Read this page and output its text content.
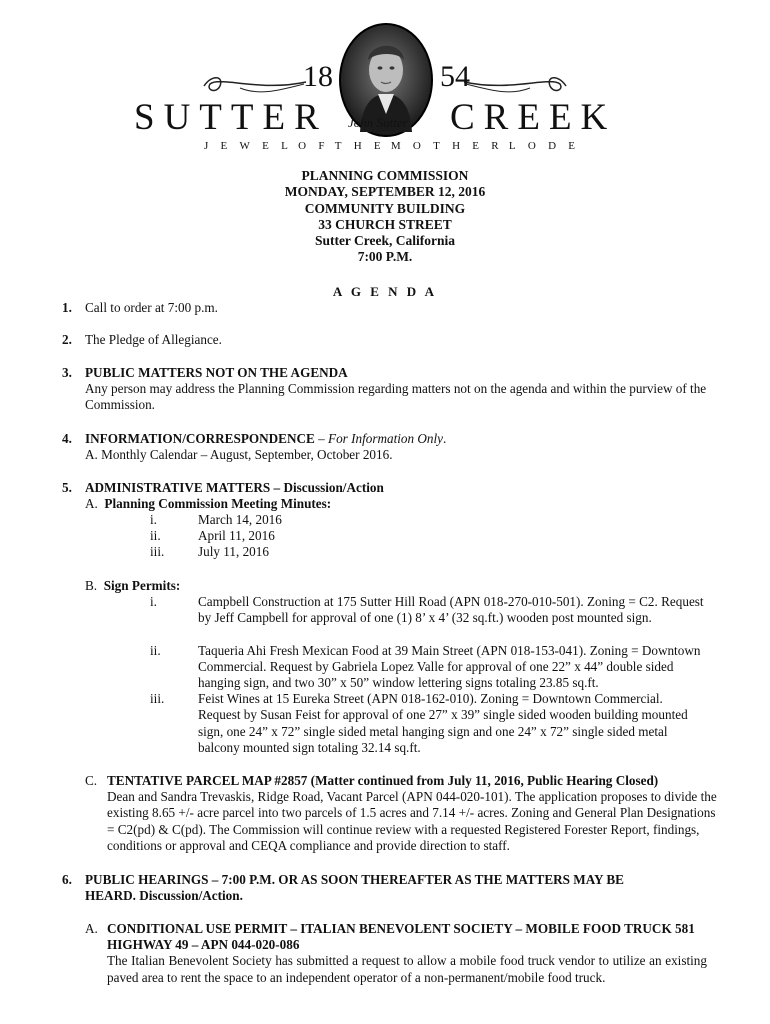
18	54
SUTTER	CREEK
John Sutter
J E W E L O F T H E M O T H E R L O D E
PLANNING COMMISSION
MONDAY, SEPTEMBER 12, 2016
COMMUNITY BUILDING
33 CHURCH STREET
Sutter Creek, California
7:00 P.M.
A G E N D A
1. Call to order at 7:00 p.m.
2. The Pledge of Allegiance.
3. PUBLIC MATTERS NOT ON THE AGENDA
Any person may address the Planning Commission regarding matters not on the agenda and within the purview of the Commission.
4. INFORMATION/CORRESPONDENCE – For Information Only.
A. Monthly Calendar – August, September, October 2016.
5. ADMINISTRATIVE MATTERS – Discussion/Action
A. Planning Commission Meeting Minutes:
i.	March 14, 2016
ii.	April 11, 2016
iii.	July 11, 2016
B. Sign Permits:
i.	Campbell Construction at 175 Sutter Hill Road (APN 018-270-010-501). Zoning = C2. Request by Jeff Campbell for approval of one (1) 8’ x 4’ (32 sq.ft.) wooden post mounted sign.
ii.	Taqueria Ahi Fresh Mexican Food at 39 Main Street (APN 018-153-041). Zoning = Downtown Commercial. Request by Gabriela Lopez Valle for approval of one 22” x 44” double sided hanging sign, and two 30” x 50” window lettering signs totaling 23.85 sq.ft.
iii.	Feist Wines at 15 Eureka Street (APN 018-162-010). Zoning = Downtown Commercial. Request by Susan Feist for approval of one 27” x 39” single sided wooden building mounted sign, one 24” x 72” single sided metal hanging sign and one 24” x 72” single sided metal balcony mounted sign totaling 32.14 sq.ft.
C. TENTATIVE PARCEL MAP #2857 (Matter continued from July 11, 2016, Public Hearing Closed)
Dean and Sandra Trevaskis, Ridge Road, Vacant Parcel (APN 044-020-101). The application proposes to divide the existing 8.65 +/- acre parcel into two parcels of 1.5 acres and 7.14 +/- acres. Zoning and General Plan Designations = C2(pd) & C(pd). The Commission will continue review with a requested Registered Forester Report, findings, conditions or approval and CEQA compliance and provide direction to staff.
6. PUBLIC HEARINGS – 7:00 P.M. OR AS SOON THEREAFTER AS THE MATTERS MAY BE HEARD. Discussion/Action.
A. CONDITIONAL USE PERMIT – ITALIAN BENEVOLENT SOCIETY – MOBILE FOOD TRUCK 581 HIGHWAY 49 – APN 044-020-086
The Italian Benevolent Society has submitted a request to allow a mobile food truck vendor to utilize an existing paved area to rent the space to an independent operator of a non-permanent/mobile food truck.
